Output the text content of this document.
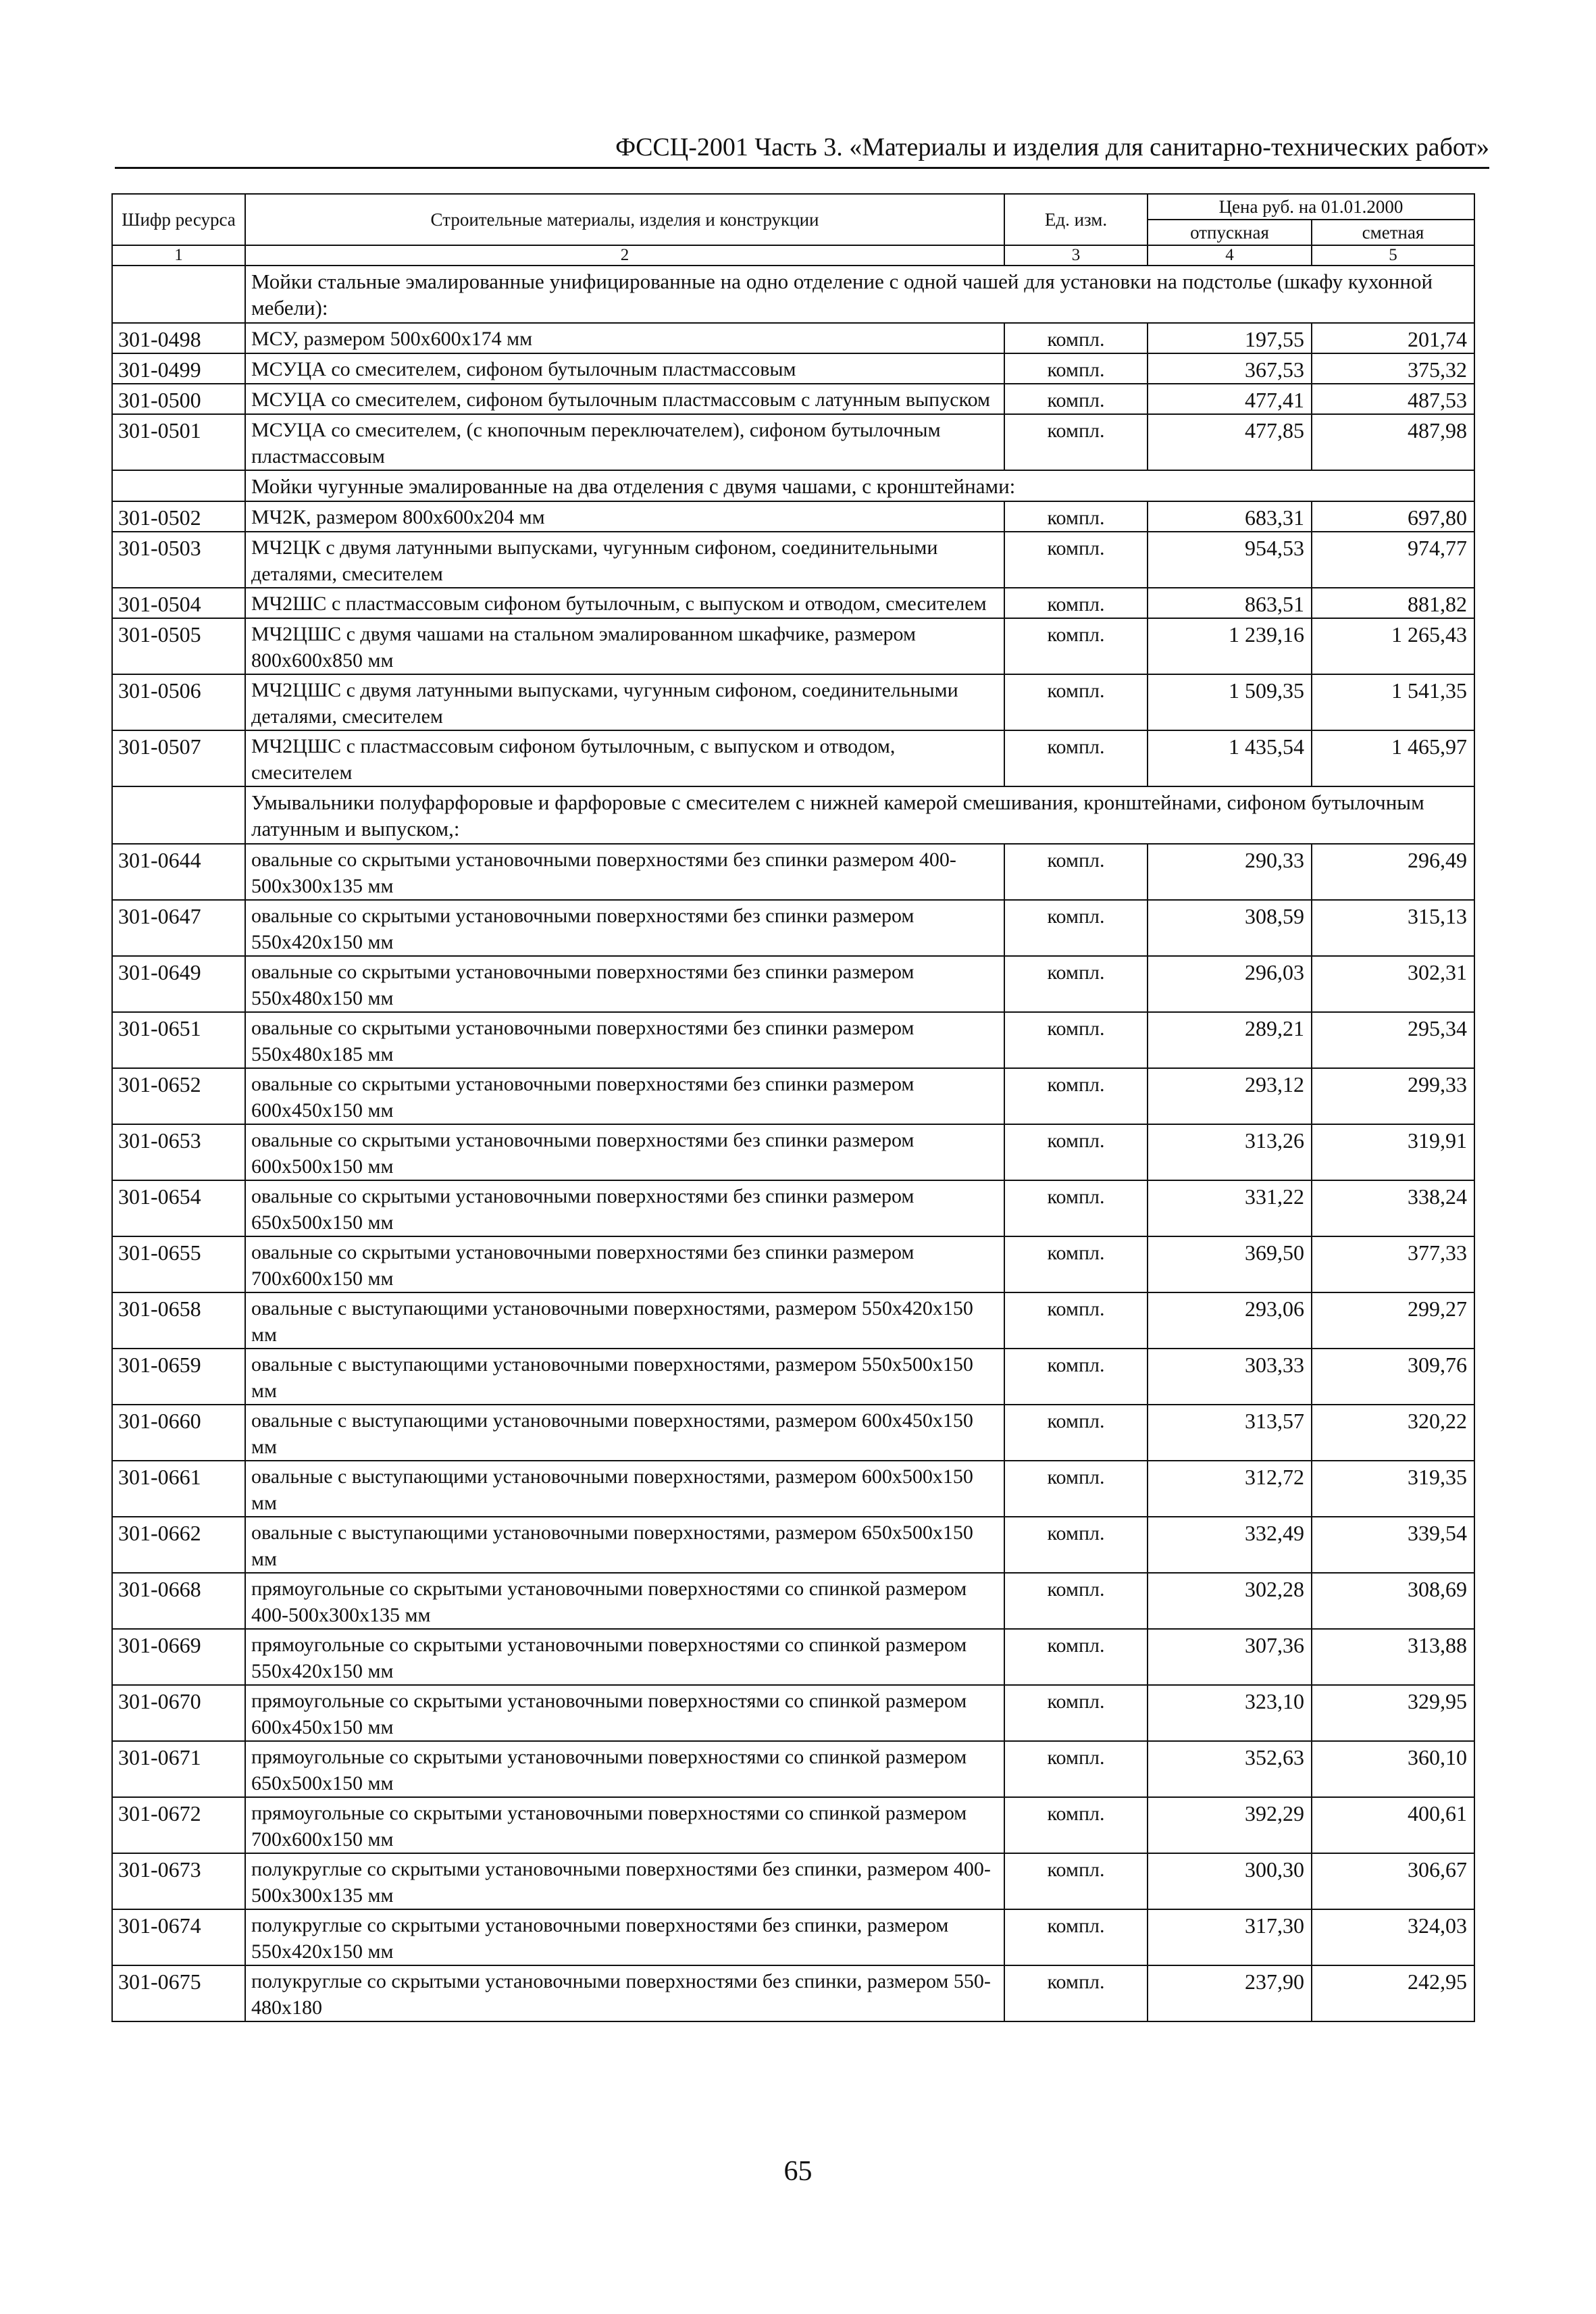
ФССЦ-2001 Часть 3. «Материалы и изделия для санитарно-технических работ»
Шифр ресурса	Строительные материалы, изделия и конструкции	Ед. изм.	Цена руб. на 01.01.2000	
			отпускная	сметная
1	2	3	4	5
	Мойки стальные эмалированные унифицированные на одно отделение с одной чашей для установки на подстолье (шкафу кухонной мебели):			
301-0498	МСУ, размером 500х600х174 мм	компл.	197,55	201,74
301-0499	МСУЦА со смесителем, сифоном бутылочным пластмассовым	компл.	367,53	375,32
301-0500	МСУЦА со смесителем, сифоном бутылочным пластмассовым с латунным выпуском	компл.	477,41	487,53
301-0501	МСУЦА со смесителем, (с кнопочным переключателем), сифоном бутылочным пластмассовым	компл.	477,85	487,98
	Мойки чугунные эмалированные на два отделения с двумя чашами, с кронштейнами:			
301-0502	МЧ2К, размером 800х600х204 мм	компл.	683,31	697,80
301-0503	МЧ2ЦК с двумя латунными выпусками, чугунным сифоном, соединительными деталями, смесителем	компл.	954,53	974,77
301-0504	МЧ2ШС с пластмассовым сифоном бутылочным, с выпуском и отводом, смесителем	компл.	863,51	881,82
301-0505	МЧ2ЦШС с двумя чашами на стальном эмалированном шкафчике, размером 800х600х850 мм	компл.	1 239,16	1 265,43
301-0506	МЧ2ЦШС с двумя латунными выпусками, чугунным сифоном, соединительными деталями, смесителем	компл.	1 509,35	1 541,35
301-0507	МЧ2ЦШС с пластмассовым сифоном бутылочным, с выпуском и отводом, смесителем	компл.	1 435,54	1 465,97
	Умывальники полуфарфоровые и фарфоровые с смесителем с нижней камерой смешивания, кронштейнами, сифоном бутылочным латунным и выпуском,:			
301-0644	овальные со скрытыми установочными поверхностями без спинки размером 400-500х300х135 мм	компл.	290,33	296,49
301-0647	овальные со скрытыми установочными поверхностями без спинки размером 550х420х150 мм	компл.	308,59	315,13
301-0649	овальные со скрытыми установочными поверхностями без спинки размером 550х480х150 мм	компл.	296,03	302,31
301-0651	овальные со скрытыми установочными поверхностями без спинки размером 550х480х185 мм	компл.	289,21	295,34
301-0652	овальные со скрытыми установочными поверхностями без спинки размером 600х450х150 мм	компл.	293,12	299,33
301-0653	овальные со скрытыми установочными поверхностями без спинки размером 600х500х150 мм	компл.	313,26	319,91
301-0654	овальные со скрытыми установочными поверхностями без спинки размером 650х500х150 мм	компл.	331,22	338,24
301-0655	овальные со скрытыми установочными поверхностями без спинки размером 700х600х150 мм	компл.	369,50	377,33
301-0658	овальные с выступающими установочными поверхностями, размером 550х420х150 мм	компл.	293,06	299,27
301-0659	овальные с выступающими установочными поверхностями, размером 550х500х150 мм	компл.	303,33	309,76
301-0660	овальные с выступающими установочными поверхностями, размером 600х450х150 мм	компл.	313,57	320,22
301-0661	овальные с выступающими установочными поверхностями, размером 600х500х150 мм	компл.	312,72	319,35
301-0662	овальные с выступающими установочными поверхностями, размером 650х500х150 мм	компл.	332,49	339,54
301-0668	прямоугольные со скрытыми установочными поверхностями со спинкой размером 400-500х300х135 мм	компл.	302,28	308,69
301-0669	прямоугольные со скрытыми установочными поверхностями со спинкой размером 550х420х150 мм	компл.	307,36	313,88
301-0670	прямоугольные со скрытыми установочными поверхностями со спинкой размером 600х450х150 мм	компл.	323,10	329,95
301-0671	прямоугольные со скрытыми установочными поверхностями со спинкой размером 650х500х150 мм	компл.	352,63	360,10
301-0672	прямоугольные со скрытыми установочными поверхностями со спинкой размером 700х600х150 мм	компл.	392,29	400,61
301-0673	полукруглые со скрытыми установочными поверхностями без спинки, размером 400-500х300х135 мм	компл.	300,30	306,67
301-0674	полукруглые со скрытыми установочными поверхностями без спинки, размером 550х420х150 мм	компл.	317,30	324,03
301-0675	полукруглые со скрытыми установочными поверхностями без спинки, размером 550-480х180	компл.	237,90	242,95
65
